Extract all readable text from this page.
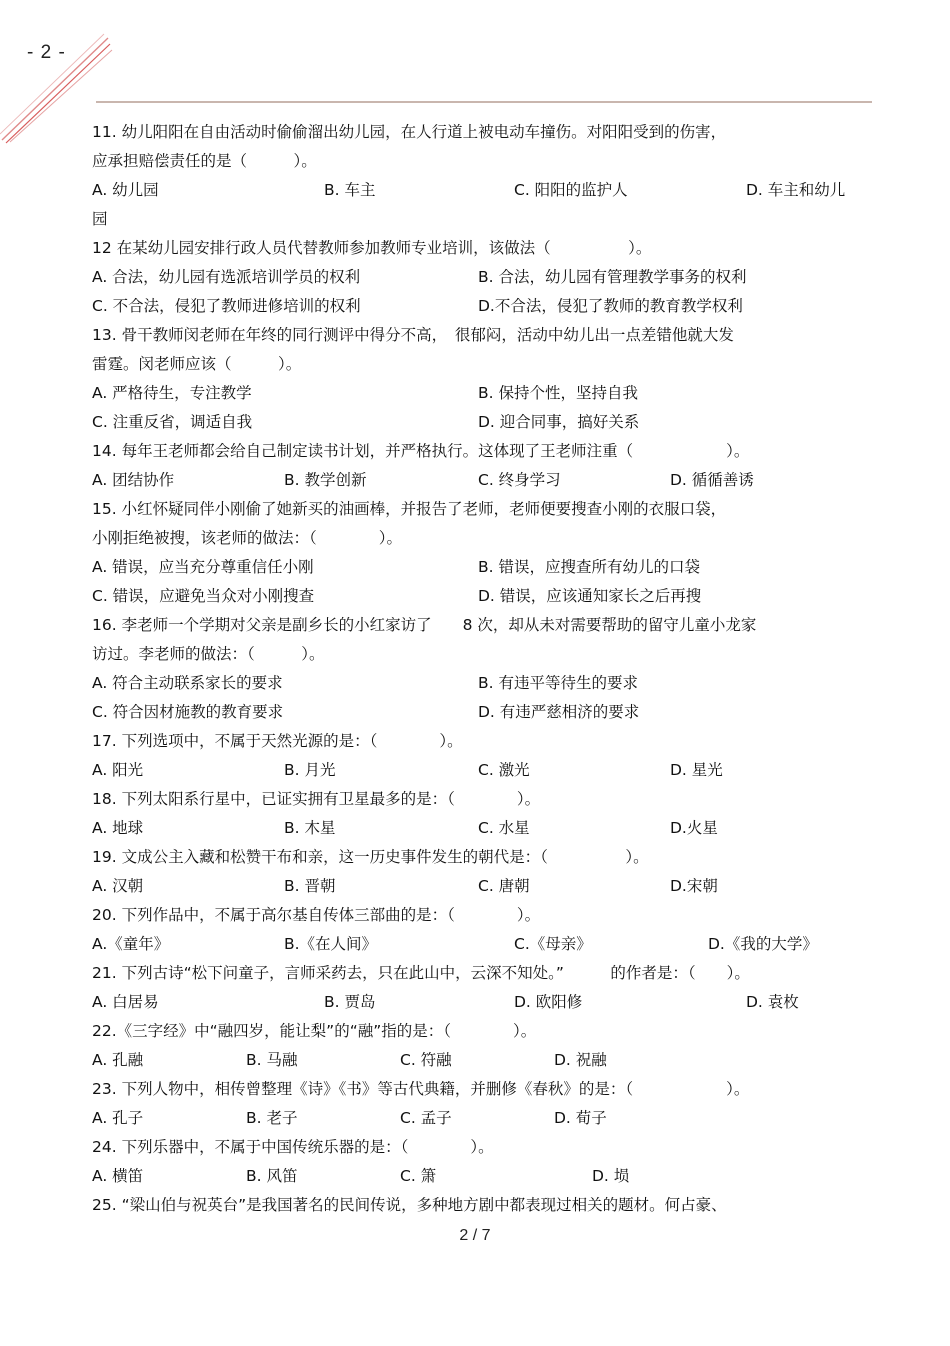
- 2 -
11. 幼儿阳阳在自由活动时偷偷溜出幼儿园，在人行道上被电动车撞伤。对阳阳受到的伤害，
应承担赔偿责任的是（　　　）。
A. 幼儿园	B. 车主	C. 阳阳的监护人	D. 车主和幼儿
园
12 在某幼儿园安排行政人员代替教师参加教师专业培训，该做法（　　　　　）。
A. 合法，幼儿园有选派培训学员的权利	B. 合法，幼儿园有管理教学事务的权利
C. 不合法，侵犯了教师进修培训的权利	D.不合法，侵犯了教师的教育教学权利
13. 骨干教师闵老师在年终的同行测评中得分不高，　很郁闷，活动中幼儿出一点差错他就大发
雷霆。闵老师应该（　　　）。
A. 严格待生，专注教学	B. 保持个性，坚持自我
C. 注重反省，调适自我	D. 迎合同事，搞好关系
14. 每年王老师都会给自己制定读书计划，并严格执行。这体现了王老师注重（　　　　　　）。
A. 团结协作	B. 教学创新	C. 终身学习	D. 循循善诱
15. 小红怀疑同伴小刚偷了她新买的油画棒，并报告了老师，老师便要搜查小刚的衣服口袋，
小刚拒绝被搜，该老师的做法：（　　　　）。
A. 错误，应当充分尊重信任小刚	B. 错误，应搜查所有幼儿的口袋
C. 错误，应避免当众对小刚搜查	D. 错误，应该通知家长之后再搜
16. 李老师一个学期对父亲是副乡长的小红家访了　　8 次，却从未对需要帮助的留守儿童小龙家
访过。李老师的做法：（　　　）。
A. 符合主动联系家长的要求	B. 有违平等待生的要求
C. 符合因材施教的教育要求	D. 有违严慈相济的要求
17. 下列选项中，不属于天然光源的是：（　　　　）。
A. 阳光	B. 月光	C. 激光	D. 星光
18. 下列太阳系行星中，已证实拥有卫星最多的是：（　　　　）。
A. 地球	B. 木星	C. 水星	D.火星
19. 文成公主入藏和松赞干布和亲，这一历史事件发生的朝代是：（　　　　　）。
A. 汉朝	B. 晋朝	C. 唐朝	D.宋朝
20. 下列作品中，不属于高尔基自传体三部曲的是：（　　　　）。
A.《童年》	B.《在人间》	C.《母亲》	D.《我的大学》
21. 下列古诗“松下问童子，言师采药去，只在此山中，云深不知处。”　　　的作者是：（　　）。
A. 白居易	B. 贾岛	D. 欧阳修	D. 袁枚
22.《三字经》中“融四岁，能让梨”的“融”指的是：（　　　　）。
A. 孔融	B. 马融	C. 符融	D. 祝融
23. 下列人物中，相传曾整理《诗》《书》等古代典籍，并删修《春秋》的是：（　　　　　　）。
A. 孔子	B. 老子	C. 孟子	D. 荀子
24. 下列乐器中，不属于中国传统乐器的是：（　　　　）。
A. 横笛	B. 风笛	C. 箫	D. 埙
25. “梁山伯与祝英台”是我国著名的民间传说，多种地方剧中都表现过相关的题材。何占豪、
2 / 7
